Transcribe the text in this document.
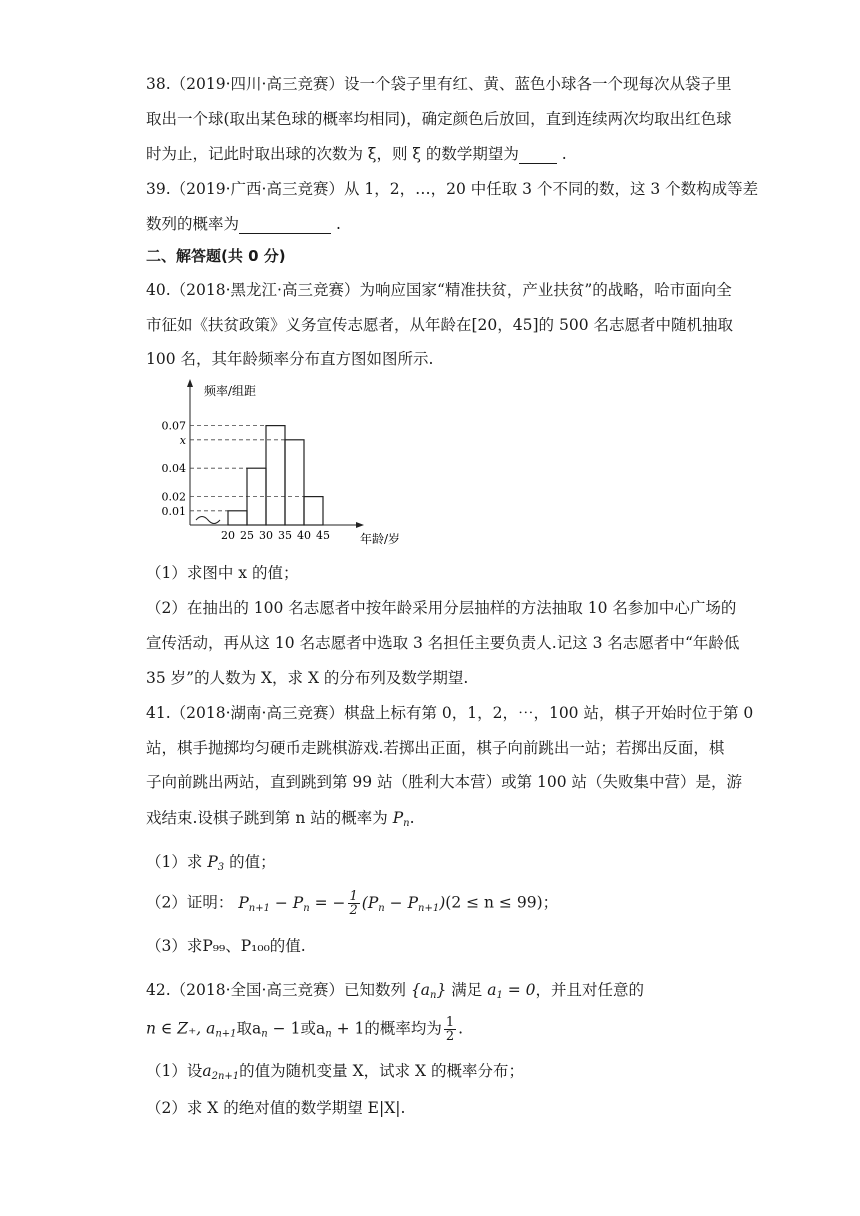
38.（2019·四川·高三竞赛）设一个袋子里有红、黄、蓝色小球各一个现每次从袋子里
取出一个球(取出某色球的概率均相同)，确定颜色后放回，直到连续两次均取出红色球
时为止，记此时取出球的次数为 ξ，则 ξ 的数学期望为	.
39.（2019·广西·高三竞赛）从 1，2，…，20 中任取 3 个不同的数，这 3 个数构成等差
数列的概率为	.
二、解答题(共 0 分)
40.（2018·黑龙江·高三竞赛）为响应国家“精准扶贫，产业扶贫”的战略，哈市面向全
市征如《扶贫政策》义务宣传志愿者，从年龄在[20，45]的 500 名志愿者中随机抽取
100 名，其年龄频率分布直方图如图所示.
频率/组距
年龄/岁
0.07
x
0.04
0.02
0.01
20 25 30 35 40 45
（1）求图中 x 的值；
（2）在抽出的 100 名志愿者中按年龄采用分层抽样的方法抽取 10 名参加中心广场的
宣传活动，再从这 10 名志愿者中选取 3 名担任主要负责人.记这 3 名志愿者中“年龄低
35 岁”的人数为 X，求 X 的分布列及数学期望.
41.（2018·湖南·高三竞赛）棋盘上标有第 0，1，2，⋯，100 站，棋子开始时位于第 0
站，棋手抛掷均匀硬币走跳棋游戏.若掷出正面，棋子向前跳出一站；若掷出反面，棋
子向前跳出两站，直到跳到第 99 站（胜利大本营）或第 100 站（失败集中营）是，游
戏结束.设棋子跳到第 n 站的概率为 $P_n$.
（1）求 $P_3$ 的值；
（2）证明： $P_{n+1} - P_n$ = − $\frac{1}{2} (P_n - P_{n+1})(2 \le n \le 99)$；
（3）求P₉₉、P₁₀₀的值.
42.（2018·全国·高三竞赛）已知数列 $\{a_n\}$ 满足 $a_1 = 0$，并且对任意的
n ∈ Z₊, $a_{n+1}$取$a_n - 1$或$a_n + 1$的概率均为 $\frac{1}{2}$ .
（1）设$a_{2n+1}$的值为随机变量 X，试求 X 的概率分布；
（2）求 X 的绝对值的数学期望 E|X|.
